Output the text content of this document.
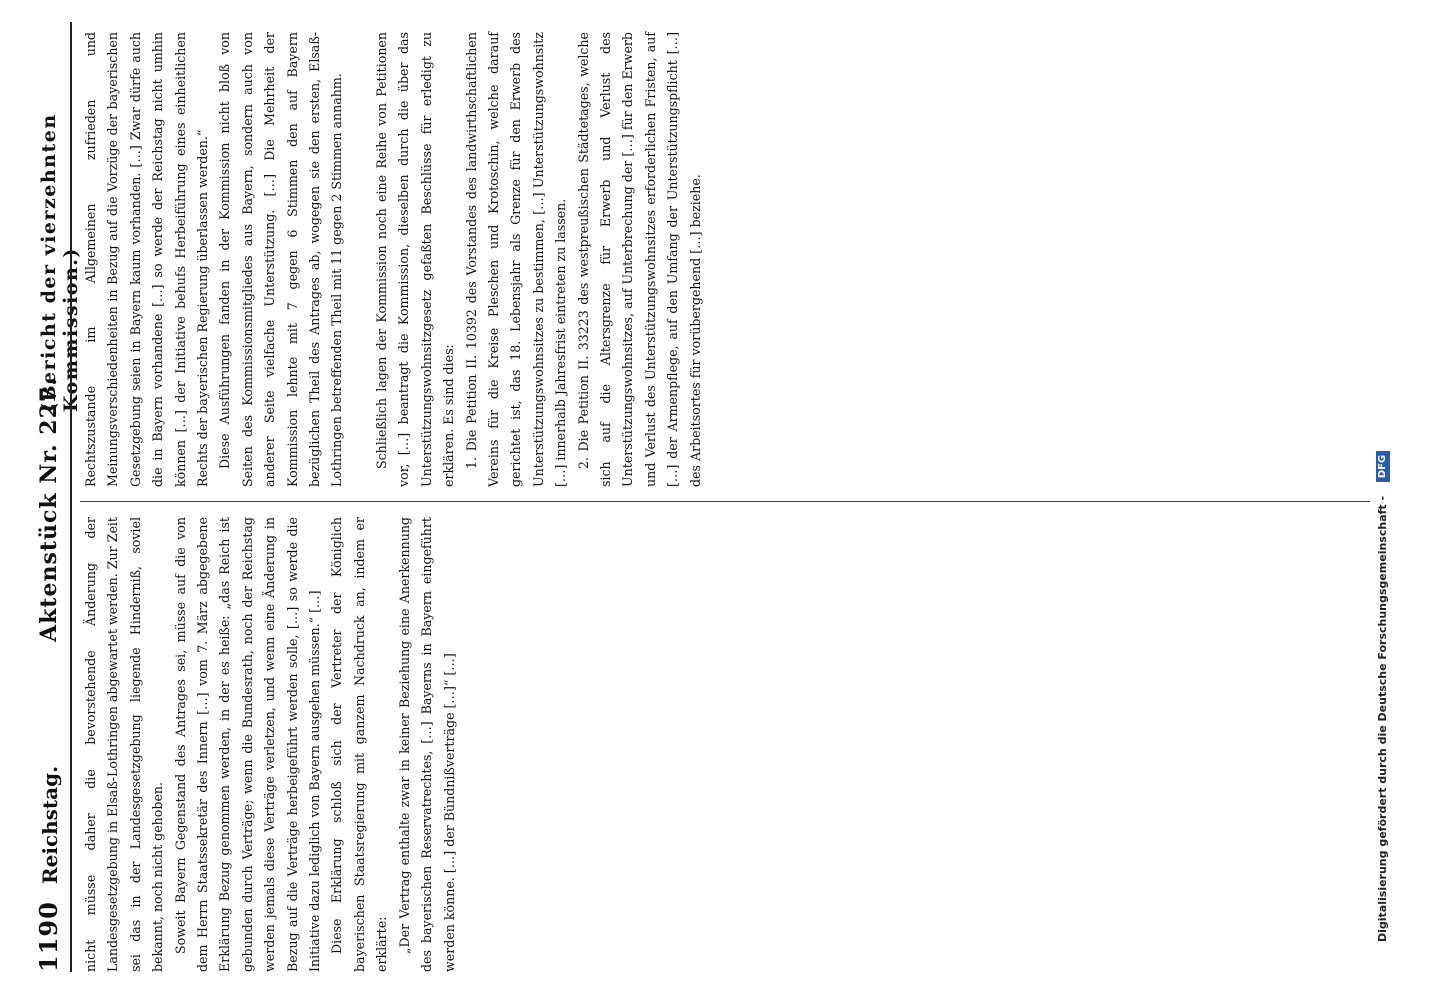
1190
Reichstag.
Aktenstück Nr. 227.
(Bericht der vierzehnten Kommission.)

nicht müsse daher die bevorstehende Änderung der Landesgesetzgebung in Elsaß-Lothringen abgewartet werden. Zur Zeit sei das in der Landesgesetzgebung liegende Hinderniß, soviel bekannt, noch nicht gehoben. Soweit Bayern Gegenstand des Antrages sei, müsse auf die von dem Herrn Staatssekretär des Innern […] vom 7. März abgegebene Erklärung Bezug genommen werden, in der es heiße: „das Reich ist gebunden durch Verträge; wenn die Bundesrath, noch der Reichstag werden jemals diese Verträge verletzen, und wenn eine Änderung in Bezug auf die Verträge herbeigeführt werden solle, […] so werde die Initiative dazu lediglich von Bayern ausgehen müssen.“ […] Diese Erklärung schloß sich der Vertreter der Königlich bayerischen Staatsregierung mit ganzem Nachdruck an, indem er erklärte: „Der Vertrag enthalte zwar in keiner Beziehung eine Anerkennung des bayerischen Reservatrechtes, […] Bayerns in Bayern eingeführt werden könne. […] der Bündnißverträge […]“ […]

Rechtszustande im Allgemeinen zufrieden und Meinungsverschiedenheiten in Bezug auf die Vorzüge der bayerischen Gesetzgebung seien in Bayern kaum vorhanden. […] Zwar dürfe auch die in Bayern vorhandene […] so werde der Reichstag nicht umhin können […] der Initiative behufs Herbeiführung eines einheitlichen Rechts der bayerischen Regierung überlassen werden.“ Diese Ausführungen fanden in der Kommission nicht bloß von Seiten des Kommissionsmitgliedes aus Bayern, sondern auch von anderer Seite vielfache Unterstützung. […] Die Mehrheit der Kommission lehnte mit 7 gegen 6 Stimmen den auf Bayern bezüglichen Theil des Antrages ab, wogegen sie den ersten, Elsaß-Lothringen betreffenden Theil mit 11 gegen 2 Stimmen annahm.	Schließlich lagen der Kommission noch eine Reihe von Petitionen vor, […] beantragt die Kommission, dieselben durch die über das Unterstützungswohnsitzgesetz gefaßten Beschlüsse für erledigt zu erklären. Es sind dies: 1. Die Petition II. 10392 des Vorstandes des landwirthschaftlichen Vereins für die Kreise Pleschen und Krotoschin, welche darauf gerichtet ist, das 18. Lebensjahr als Grenze für den Erwerb des Unterstützungswohnsitzes zu bestimmen, […] Unterstützungswohnsitz […] innerhalb Jahresfrist eintreten zu lassen. 2. Die Petition II. 33223 des westpreußischen Städtetages, welche sich auf die Altersgrenze für Erwerb und Verlust des Unterstützungswohnsitzes, auf Unterbrechung der […] für den Erwerb und Verlust des Unterstützungswohnsitzes erforderlichen Fristen, auf […] der Armenpflege, auf den Umfang der Unterstützungspflicht […] des Arbeitsortes für vorübergehend […] beziehe.

Digitalisierung gefördert durch die Deutsche Forschungsgemeinschaft - DFG
